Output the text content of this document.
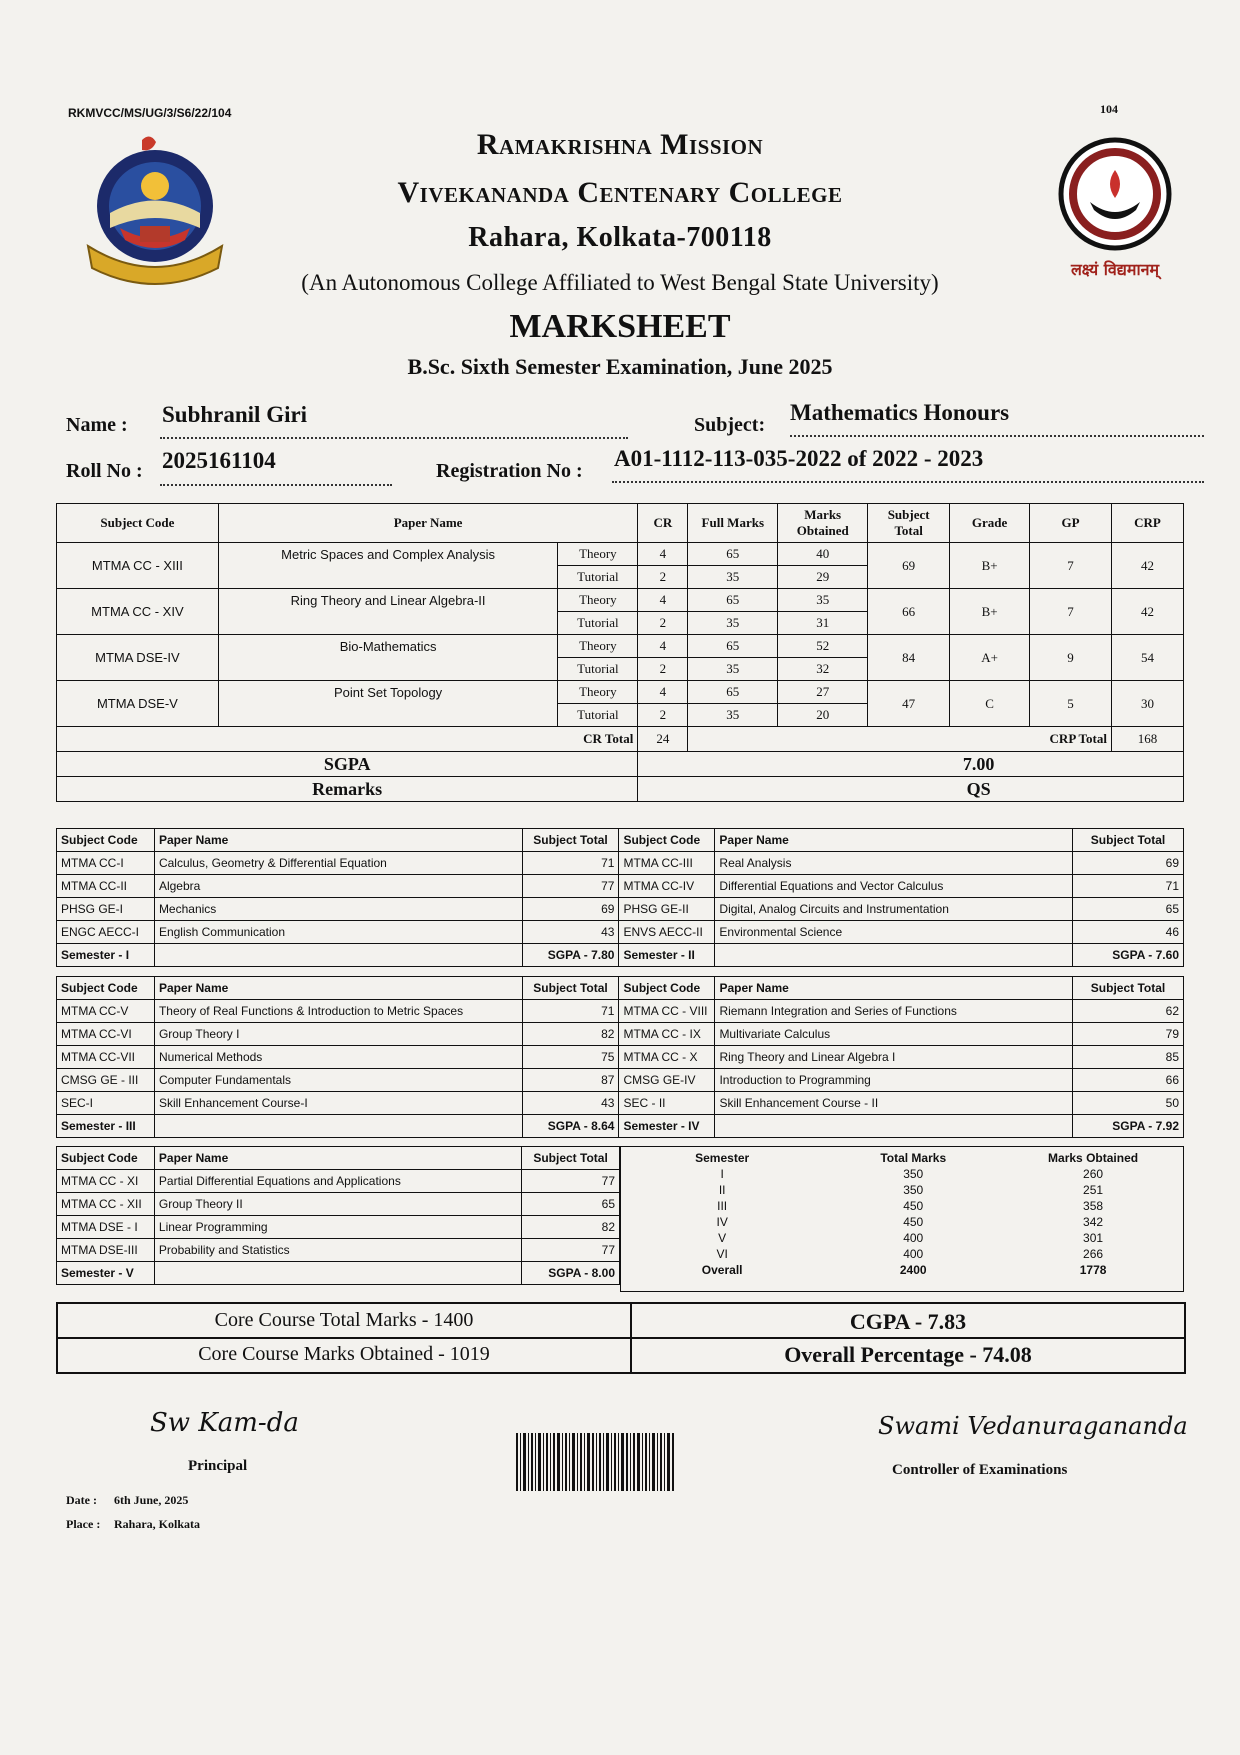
RKMVCC/MS/UG/3/S6/22/104	104
लक्ष्यं विद्यमानम्
Ramakrishna Mission
Vivekananda Centenary College
Rahara, Kolkata-700118
(An Autonomous College Affiliated to West Bengal State University)
MARKSHEET
B.Sc. Sixth Semester Examination, June 2025
Name : Subhranil Giri	Subject: Mathematics Honours
Roll No : 2025161104	Registration No : A01-1112-113-035-2022 of 2022 - 2023
Subject Code	Paper Name		CR	Full Marks	Marks Obtained	Subject Total	Grade	GP	CRP
MTMA CC - XIII	Metric Spaces and Complex Analysis	Theory	4	65	40	69	B+	7	42
		Tutorial	2	35	29				
MTMA CC - XIV	Ring Theory and Linear Algebra-II	Theory	4	65	35	66	B+	7	42
		Tutorial	2	35	31				
MTMA DSE-IV	Bio-Mathematics	Theory	4	65	52	84	A+	9	54
		Tutorial	2	35	32				
MTMA DSE-V	Point Set Topology	Theory	4	65	27	47	C	5	30
		Tutorial	2	35	20				
CR Total			24					CRP Total	168
SGPA			7.00						
Remarks			QS						
Subject Code	Paper Name	Subject Total	Subject Code	Paper Name	Subject Total
MTMA CC-I	Calculus, Geometry & Differential Equation	71	MTMA CC-III	Real Analysis	69
MTMA CC-II	Algebra	77	MTMA CC-IV	Differential Equations and Vector Calculus	71
PHSG GE-I	Mechanics	69	PHSG GE-II	Digital, Analog Circuits and Instrumentation	65
ENGC AECC-I	English Communication	43	ENVS AECC-II	Environmental Science	46
Semester - I		SGPA - 7.80	Semester - II		SGPA - 7.60
Subject Code	Paper Name	Subject Total	Subject Code	Paper Name	Subject Total
MTMA CC-V	Theory of Real Functions & Introduction to Metric Spaces	71	MTMA CC - VIII	Riemann Integration and Series of Functions	62
MTMA CC-VI	Group Theory I	82	MTMA CC - IX	Multivariate Calculus	79
MTMA CC-VII	Numerical Methods	75	MTMA CC - X	Ring Theory and Linear Algebra I	85
CMSG GE - III	Computer Fundamentals	87	CMSG GE-IV	Introduction to Programming	66
SEC-I	Skill Enhancement Course-I	43	SEC - II	Skill Enhancement Course - II	50
Semester - III		SGPA - 8.64	Semester - IV		SGPA - 7.92
Subject Code	Paper Name	Subject Total
MTMA CC - XI	Partial Differential Equations and Applications	77
MTMA CC - XII	Group Theory II	65
MTMA DSE - I	Linear Programming	82
MTMA DSE-III	Probability and Statistics	77
Semester - V		SGPA - 8.00
Semester	Total Marks	Marks Obtained
I	350	260
II	350	251
III	450	358
IV	450	342
V	400	301
VI	400	266
Overall	2400	1778
Core Course Total Marks - 1400
Core Course Marks Obtained - 1019
CGPA - 7.83
Overall Percentage - 74.08
Sw Kam-da
Principal
Swami Vedanuragananda
Controller of Examinations
Date : 6th June, 2025
Place : Rahara, Kolkata
